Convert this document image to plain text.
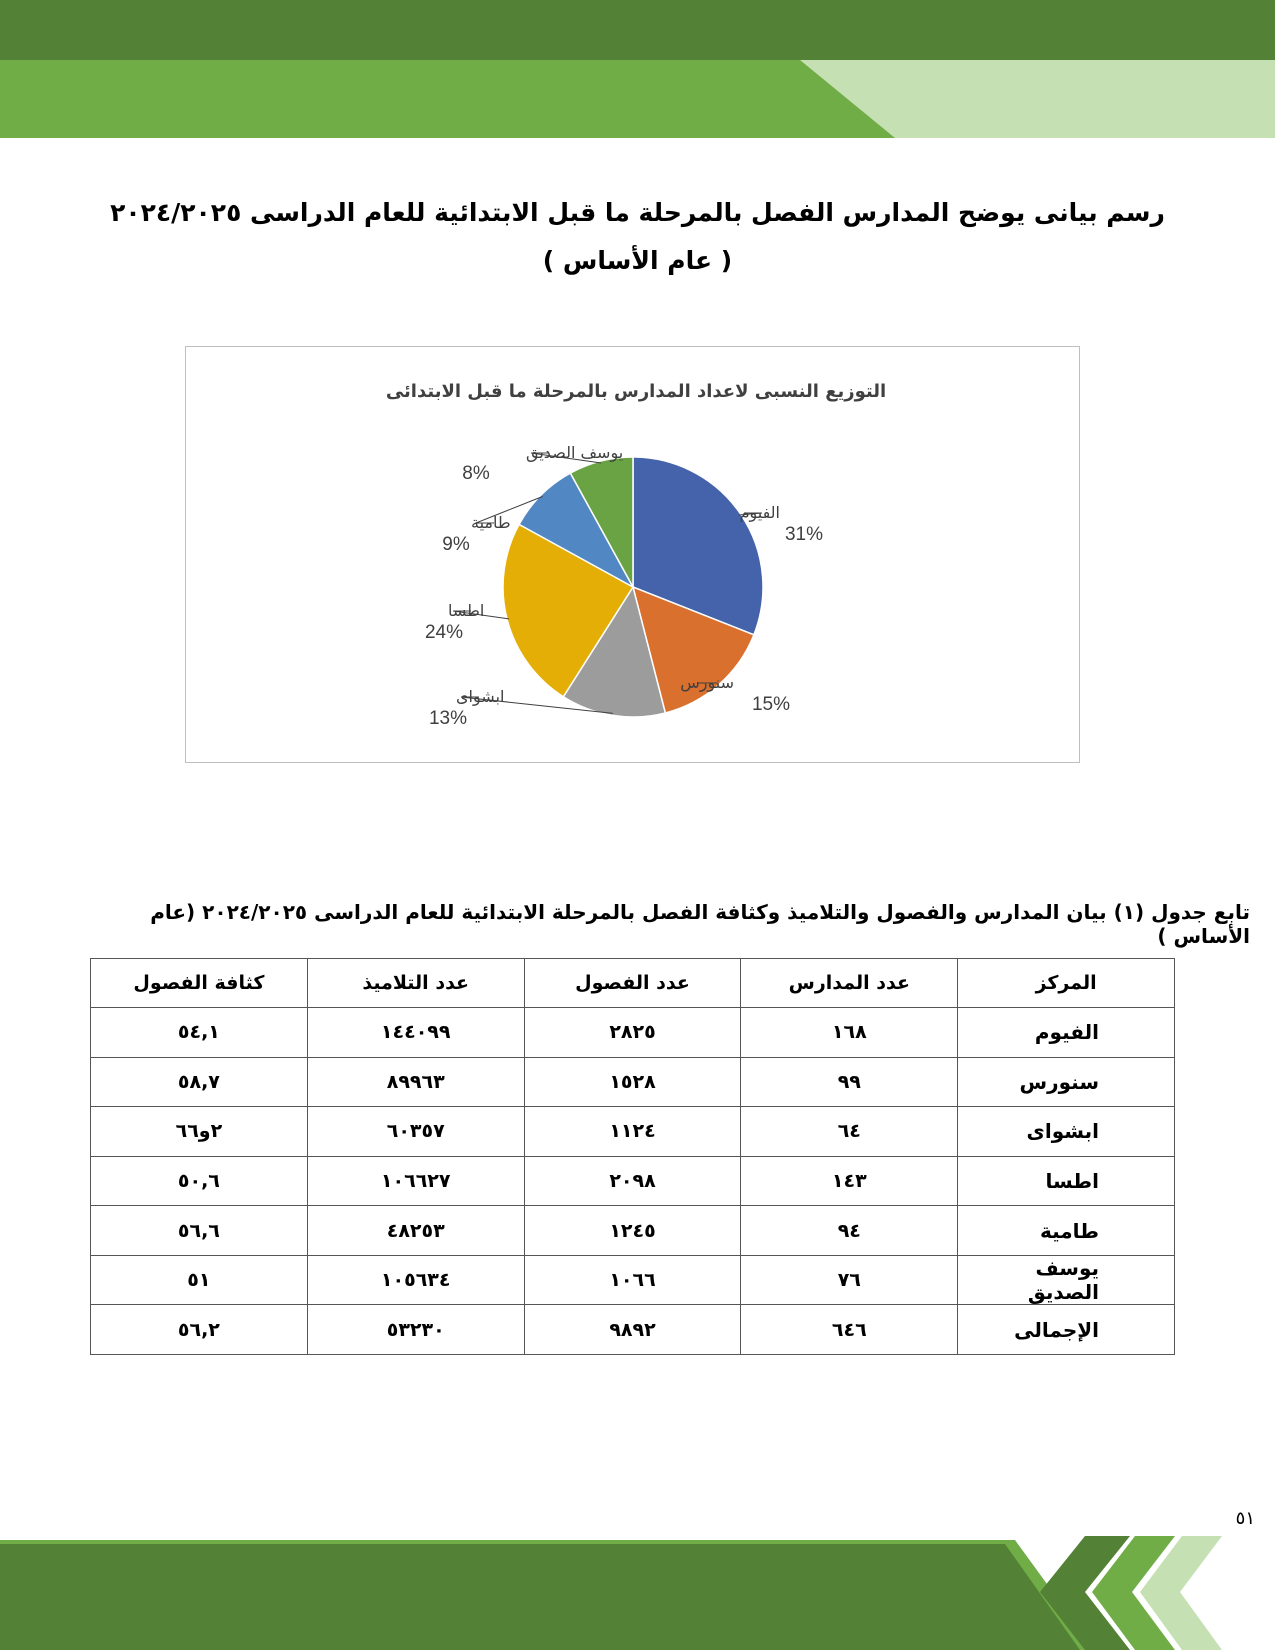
رسم بيانى يوضح المدارس الفصل بالمرحلة ما قبل الابتدائية للعام الدراسى ٢٠٢٤/٢٠٢٥
( عام الأساس )
التوزيع النسبى لاعداد المدارس بالمرحلة ما قبل الابتدائى
الفيوم
31%
سنورس
15%
ابشواى
13%
اطسا
24%
طامية
9%
يوسف الصديق
8%
تابع جدول (١) بيان المدارس والفصول والتلاميذ وكثافة الفصل بالمرحلة الابتدائية للعام الدراسى ٢٠٢٤/٢٠٢٥ (عام الأساس )
المركز	عدد المدارس	عدد الفصول	عدد التلاميذ	كثافة الفصول
الفيوم	١٦٨	٢٨٢٥	١٤٤٠٩٩	٥٤,١
سنورس	٩٩	١٥٢٨	٨٩٩٦٣	٥٨,٧
ابشواى	٦٤	١١٢٤	٦٠٣٥٧	٢و٦٦
اطسا	١٤٣	٢٠٩٨	١٠٦٦٢٧	٥٠,٦
طامية	٩٤	١٢٤٥	٤٨٢٥٣	٥٦,٦
يوسف الصديق	٧٦	١٠٦٦	١٠٥٦٣٤	٥١
الإجمالى	٦٤٦	٩٨٩٢	٥٣٢٣٠	٥٦,٢
٥١
